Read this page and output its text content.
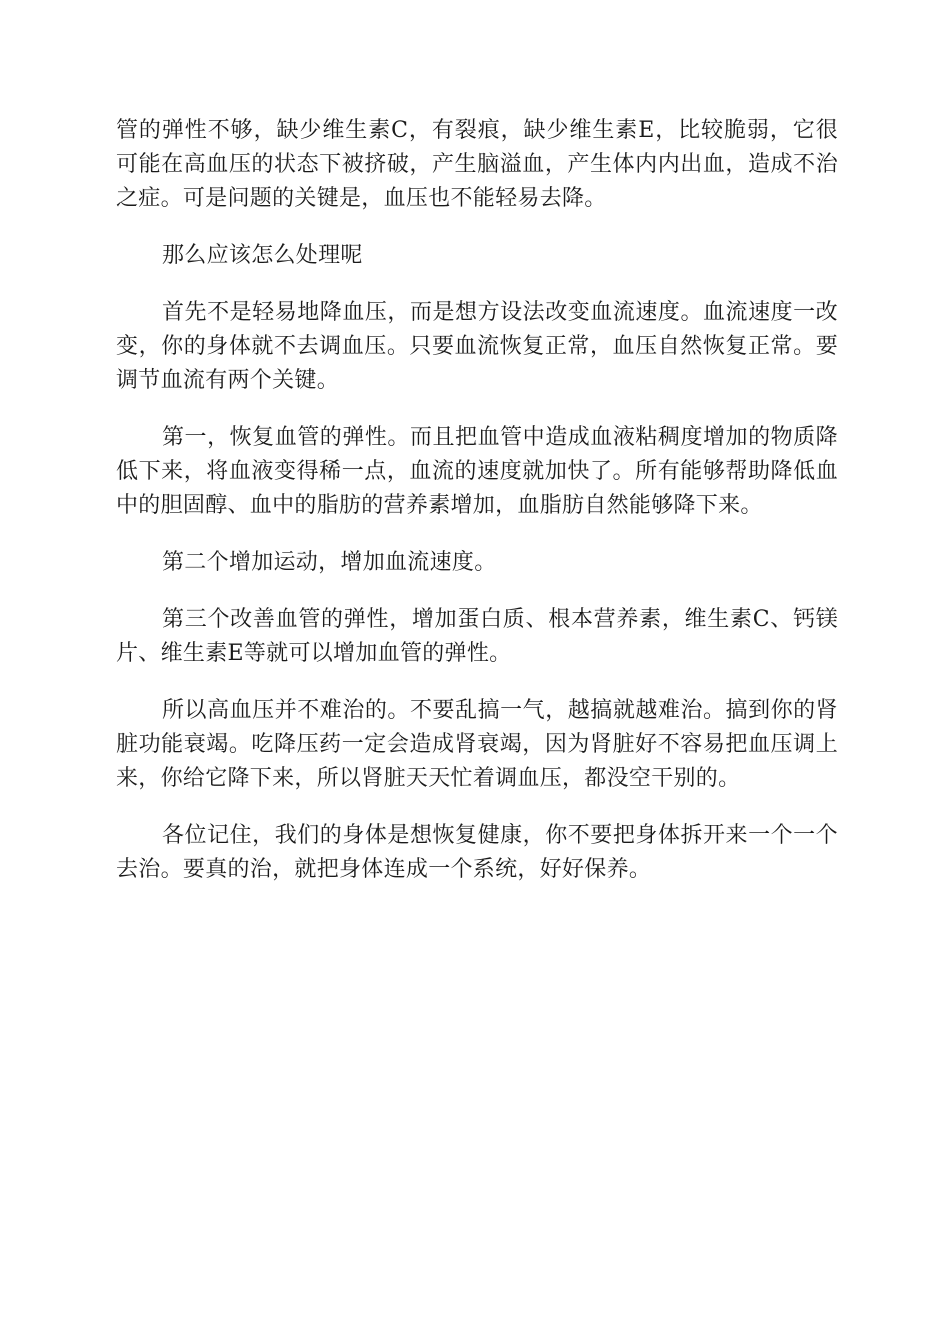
管的弹性不够，缺少维生素C，有裂痕，缺少维生素E，比较脆弱，它很可能在高血压的状态下被挤破，产生脑溢血，产生体内内出血，造成不治之症。可是问题的关键是，血压也不能轻易去降。

那么应该怎么处理呢

首先不是轻易地降血压，而是想方设法改变血流速度。血流速度一改变，你的身体就不去调血压。只要血流恢复正常，血压自然恢复正常。要调节血流有两个关键。

第一，恢复血管的弹性。而且把血管中造成血液粘稠度增加的物质降低下来，将血液变得稀一点，血流的速度就加快了。所有能够帮助降低血中的胆固醇、血中的脂肪的营养素增加，血脂肪自然能够降下来。

第二个增加运动，增加血流速度。

第三个改善血管的弹性，增加蛋白质、根本营养素，维生素C、钙镁片、维生素E等就可以增加血管的弹性。

所以高血压并不难治的。不要乱搞一气，越搞就越难治。搞到你的肾脏功能衰竭。吃降压药一定会造成肾衰竭，因为肾脏好不容易把血压调上来，你给它降下来，所以肾脏天天忙着调血压，都没空干别的。

各位记住，我们的身体是想恢复健康，你不要把身体拆开来一个一个去治。要真的治，就把身体连成一个系统，好好保养。
